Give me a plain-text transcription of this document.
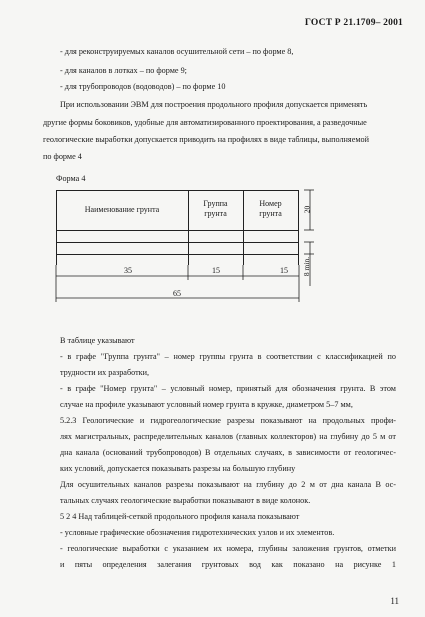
ГОСТ Р 21.1709– 2001
- для реконструируемых каналов осушительной сети – по форме 8,
- для каналов в лотках – по форме 9;
- для трубопроводов (водоводов) – по форме 10
При использовании ЭВМ для построения продольного профиля допускается применять
другие формы боковиков, удобные для автоматизированного проектирования, а разведочные
геологические выработки допускается приводить на профилях в виде таблицы, выполняемой
по форме 4
Форма 4
Наименование грунта
Группа
грунта
Номер
грунта
35	15	15
65
20
8 min.
В таблице указывают
- в графе "Группа грунта" – номер группы грунта в соответствии с классификацией по
трудности их разработки,
- в графе "Номер грунта" – условный номер, принятый для обозначения грунта. В этом
случае на профиле указывают условный номер грунта в кружке, диаметром 5–7 мм,
5.2.3 Геологические и гидрогеологические разрезы показывают на продольных профи-
лях магистральных, распределительных каналов (главных коллекторов) на глубину до 5 м от
дна канала (оснований трубопроводов) В отдельных случаях, в зависимости от геологичес-
ких условий, допускается показывать разрезы на большую глубину
Для осушительных каналов разрезы показывают на глубину до 2 м от дна канала В ос-
тальных случаях геологические выработки показывают в виде колонок.
5 2 4 Над таблицей-сеткой продольного профиля канала показывают
- условные графические обозначения гидротехнических узлов и их элементов.
- геологические выработки с указанием их номера, глубины заложения грунтов, отметки
и пяты определения залегания грунтовых вод как показано на рисунке 1
11
